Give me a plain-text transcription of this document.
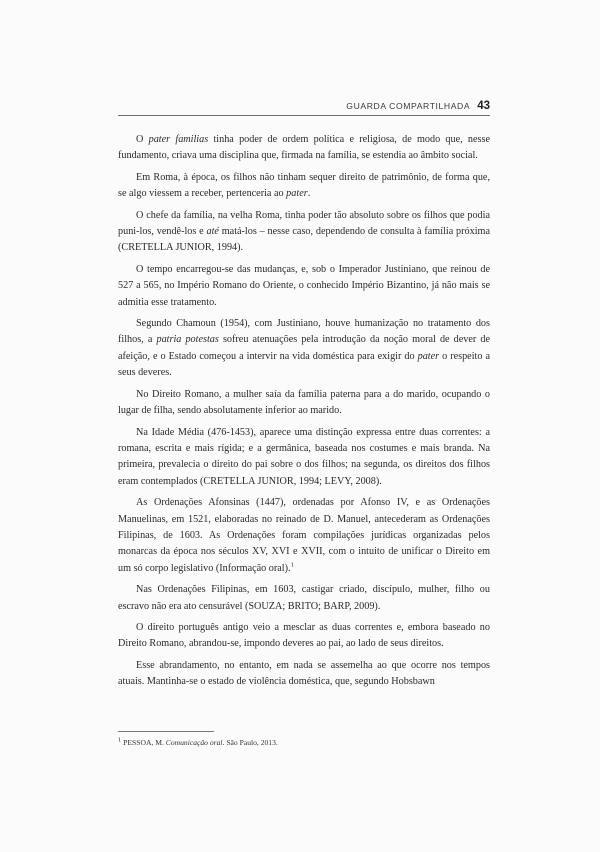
GUARDA COMPARTILHADA 43

O pater familias tinha poder de ordem política e religiosa, de modo que, nesse fundamento, criava uma disciplina que, firmada na família, se estendia ao âmbito social.

Em Roma, à época, os filhos não tinham sequer direito de patrimônio, de forma que, se algo viessem a receber, pertenceria ao pater.

O chefe da família, na velha Roma, tinha poder tão absoluto sobre os filhos que podia puni-los, vendê-los e até matá-los – nesse caso, dependendo de consulta à família próxima (CRETELLA JUNIOR, 1994).

O tempo encarregou-se das mudanças, e, sob o Imperador Justiniano, que reinou de 527 a 565, no Império Romano do Oriente, o conhecido Império Bizantino, já não mais se admitia esse tratamento.

Segundo Chamoun (1954), com Justiniano, houve humanização no tratamento dos filhos, a patria potestas sofreu atenuações pela introdução da noção moral de dever de afeição, e o Estado começou a intervir na vida doméstica para exigir do pater o respeito a seus deveres.

No Direito Romano, a mulher saía da família paterna para a do marido, ocupando o lugar de filha, sendo absolutamente inferior ao marido.

Na Idade Média (476-1453), aparece uma distinção expressa entre duas correntes: a romana, escrita e mais rígida; e a germânica, baseada nos costumes e mais branda. Na primeira, prevalecia o direito do pai sobre o dos filhos; na segunda, os direitos dos filhos eram contemplados (CRETELLA JUNIOR, 1994; LEVY, 2008).

As Ordenações Afonsinas (1447), ordenadas por Afonso IV, e as Ordenações Manuelinas, em 1521, elaboradas no reinado de D. Manuel, antecederam as Ordenações Filipinas, de 1603. As Ordenações foram compilações jurídicas organizadas pelos monarcas da época nos séculos XV, XVI e XVII, com o intuito de unificar o Direito em um só corpo legislativo (Informação oral).$^1$

Nas Ordenações Filipinas, em 1603, castigar criado, discípulo, mulher, filho ou escravo não era ato censurável (SOUZA; BRITO; BARP, 2009).

O direito português antigo veio a mesclar as duas correntes e, embora baseado no Direito Romano, abrandou-se, impondo deveres ao pai, ao lado de seus direitos.

Esse abrandamento, no entanto, em nada se assemelha ao que ocorre nos tempos atuais. Mantinha-se o estado de violência doméstica, que, segundo Hobsbawn

$^1$ PESSOA, M. Comunicação oral. São Paulo, 2013.
